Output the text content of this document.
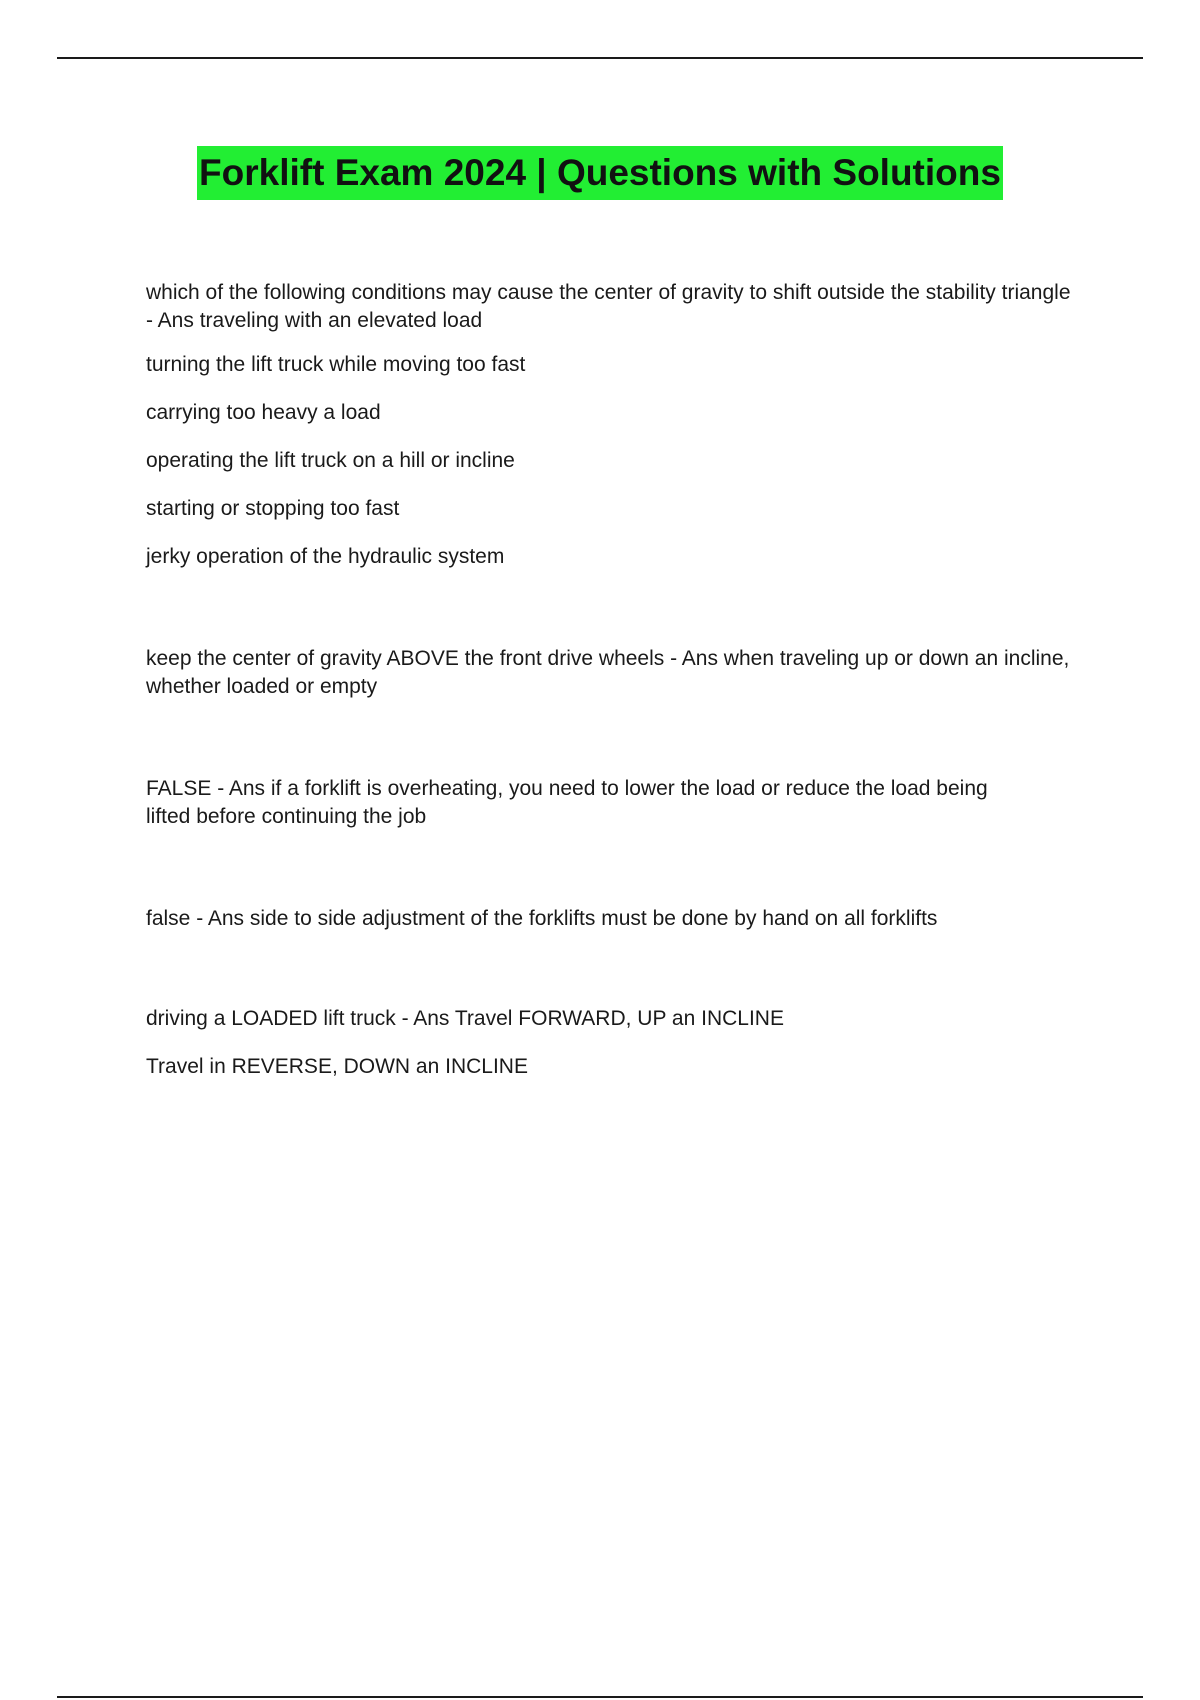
Forklift Exam 2024 | Questions with Solutions

which of the following conditions may cause the center of gravity to shift outside the stability triangle - Ans traveling with an elevated load

turning the lift truck while moving too fast

carrying too heavy a load

operating the lift truck on a hill or incline

starting or stopping too fast

jerky operation of the hydraulic system

keep the center of gravity ABOVE the front drive wheels - Ans when traveling up or down an incline, whether loaded or empty

FALSE - Ans if a forklift is overheating, you need to lower the load or reduce the load being lifted before continuing the job

false - Ans side to side adjustment of the forklifts must be done by hand on all forklifts

driving a LOADED lift truck - Ans Travel FORWARD, UP an INCLINE

Travel in REVERSE, DOWN an INCLINE
